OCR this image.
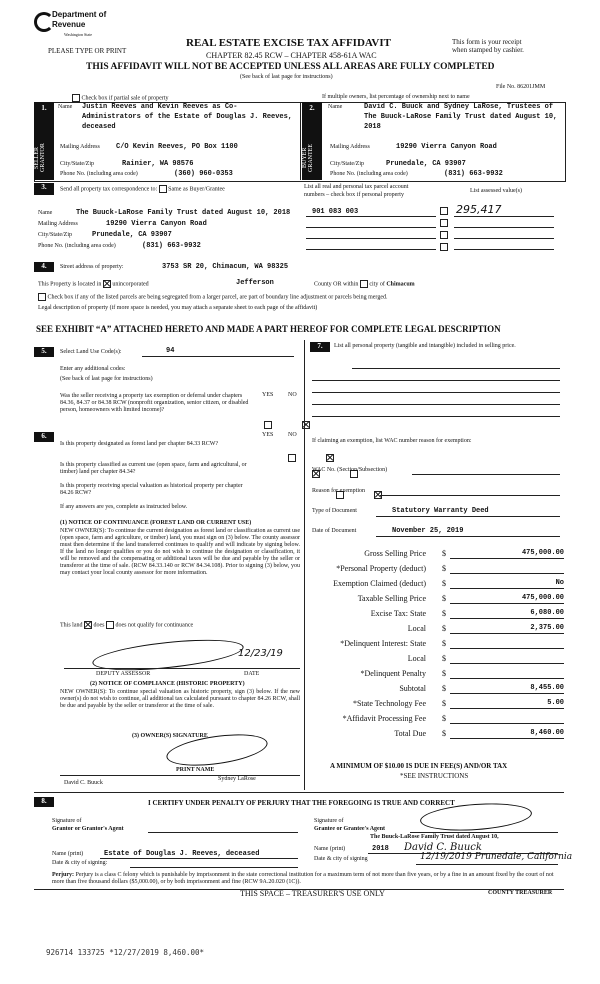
Department of Revenue
Washington State
PLEASE TYPE OR PRINT
REAL ESTATE EXCISE TAX AFFIDAVIT
CHAPTER 82.45 RCW – CHAPTER 458-61A WAC
This form is your receipt
when stamped by cashier.
THIS AFFIDAVIT WILL NOT BE ACCEPTED UNLESS ALL AREAS ARE FULLY COMPLETED
(See back of last page for instructions)
File No. 86201JMM
Check box if partial sale of property	If multiple owners, list percentage of ownership next to name
1.
SELLER GRANTOR
Name Justin Reeves and Kevin Reeves as Co-
Administrators of the Estate of Douglas J. Reeves,
deceased
Mailing Address C/O Kevin Reeves, PO Box 1100
City/State/Zip	Rainier, WA 98576
Phone No. (including area code)	(360) 960-0353
2.
BUYER GRANTEE
Name	David C. Buuck and Sydney LaRose, Trustees of
The Buuck-LaRose Family Trust dated August 10,
2018
Mailing Address	19290 Vierra Canyon Road
City/State/Zip	Prunedale, CA 93907
Phone No. (including area code)	(831) 663-9932
3.	Send all property tax correspondence to: Same as Buyer/Grantee
Name	The Buuck-LaRose Family Trust dated August 10, 2018
Mailing Address	19290 Vierra Canyon Road
City/State/Zip	Prunedale, CA 93907
Phone No. (including area code)	(831) 663-9932
List all real and personal tax parcel account
numbers – check box if personal property
List assessed value(s)
901 083 003	295,417
4.	Street address of property:	3753 SR 20, Chimacum, WA 98325
This Property is located in unincorporated	Jefferson	County OR within city of Chimacum
Check box if any of the listed parcels are being segregated from a larger parcel, are part of boundary line adjustment or parcels being merged.
Legal description of property (if more space is needed, you may attach a separate sheet to each page of the affidavit)
SEE EXHIBIT “A” ATTACHED HERETO AND MADE A PART HEREOF FOR COMPLETE LEGAL DESCRIPTION
5.	Select Land Use Code(s):	94
Enter any additional codes:
(See back of last page for instructions)
YES NO
Was the seller receiving a property tax exemption or deferral under chapters 84.36, 84.37 or 84.38 RCW (nonprofit organization, senior citizen, or disabled person, homeowners with limited income)?

6.	YES NO
Is this property designated as forest land per chapter 84.33 RCW?

Is this property classified as current use (open space, farm and agricultural, or timber) land per chapter 84.34?

Is this property receiving special valuation as historical property per chapter 84.26 RCW?

If any answers are yes, complete as instructed below.
(1) NOTICE OF CONTINUANCE (FOREST LAND OR CURRENT USE)
NEW OWNER(S): To continue the current designation as forest land or classification as current use (open space, farm and agriculture, or timber) land, you must sign on (3) below. The county assessor must then determine if the land transferred continues to qualify and will indicate by signing below. If the land no longer qualifies or you do not wish to continue the designation or classification, it will be removed and the compensating or additional taxes will be due and payable by the seller or transferor at the time of sale. (RCW 84.33.140 or RCW 84.34.108). Prior to signing (3) below, you may contact your local county assessor for more information.
This land does does not qualify for continuance
12/23/19
DEPUTY ASSESSOR	DATE
(2) NOTICE OF COMPLIANCE (HISTORIC PROPERTY)
NEW OWNER(S): To continue special valuation as historic property, sign (3) below. If the new owner(s) do not wish to continue, all additional tax calculated pursuant to chapter 84.26 RCW, shall be due and payable by the seller or transferor at the time of sale.
(3) OWNER(S) SIGNATURE
PRINT NAME
David C. Buuck
Sydney LaRose
7.	List all personal property (tangible and intangible) included in selling price.
If claiming an exemption, list WAC number reason for exemption:
WAC No. (Section/Subsection)
Reason for exemption
Type of Document	Statutory Warranty Deed
Date of Document	November 25, 2019
Gross Selling Price $	475,000.00
*Personal Property (deduct) $
Exemption Claimed (deduct) $	No
Taxable Selling Price $	475,000.00
Excise Tax: State $	6,080.00
Local $	2,375.00
*Delinquent Interest: State $
Local $
*Delinquent Penalty $
Subtotal $	8,455.00
*State Technology Fee $	5.00
*Affidavit Processing Fee $
Total Due $	8,460.00
A MINIMUM OF $10.00 IS DUE IN FEE(S) AND/OR TAX
*SEE INSTRUCTIONS
8.	I CERTIFY UNDER PENALTY OF PERJURY THAT THE FOREGOING IS TRUE AND CORRECT
Signature of
Grantor or Grantor's Agent
Signature of
Grantee or Grantee's Agent
The Buuck-LaRose Family Trust dated August 10,
Name (print)	Estate of Douglas J. Reeves, deceased
Date & city of signing:
Name (print)	2018 David C. Buuck
Date & city of signing	12/19/2019 Prunedale, California
Perjury: Perjury is a class C felony which is punishable by imprisonment in the state correctional institution for a maximum term of not more than five years, or by a fine in an amount fixed by the court of not more than five thousand dollars ($5,000.00), or by both imprisonment and fine (RCW 9A.20.020 (1C)).
THIS SPACE – TREASURER'S USE ONLY	COUNTY TREASURER
926714 133725 *12/27/2019 8,460.00*
